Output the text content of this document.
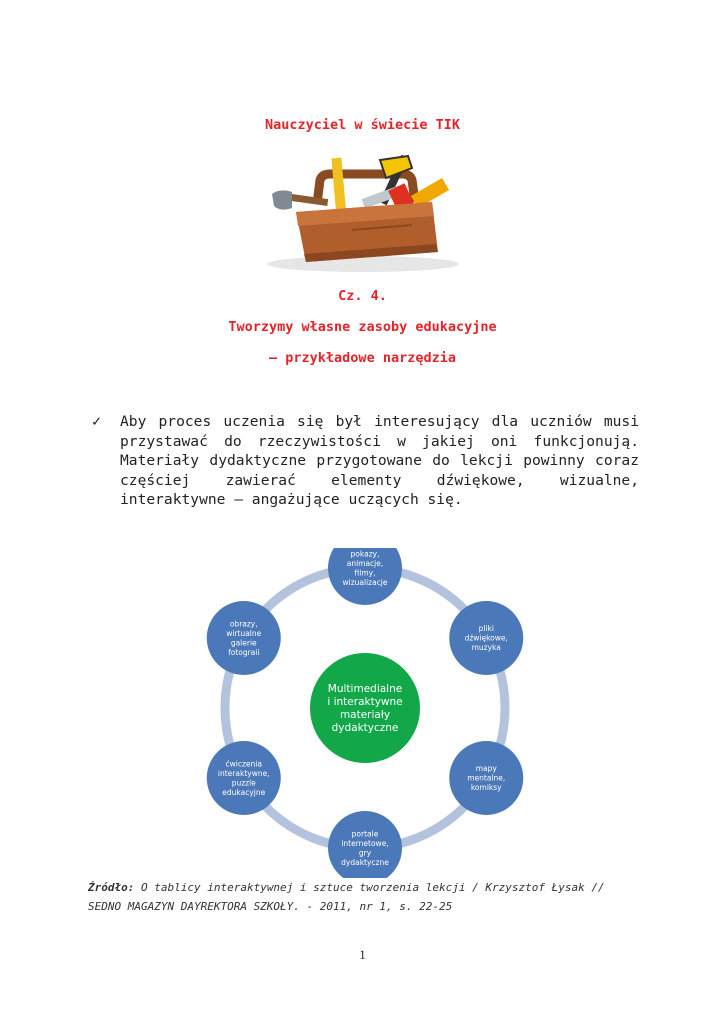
Nauczyciel w świecie TIK
Cz. 4.
Tworzymy własne zasoby edukacyjne
– przykładowe narzędzia
✓	Aby proces uczenia się był interesujący dla uczniów musi przystawać do rzeczywistości w jakiej oni funkcjonują. Materiały dydaktyczne przygotowane do lekcji powinny coraz częściej zawierać elementy dźwiękowe, wizualne, interaktywne – angażujące uczących się.
Multimedialne
i interaktywne
materiały
dydaktyczne
pokazy,
animacje,
filmy,
wizualizacje
pliki
dźwiękowe,
muzyka
mapy
mentalne,
komiksy
portale
internetowe,
gry
dydaktyczne
ćwiczenia
interaktywne,
puzzle
edukacyjne
obrazy,
wirtualne
galerie
fotograii
Źródło: O tablicy interaktywnej i sztuce tworzenia lekcji / Krzysztof Łysak //
SEDNO MAGAZYN DAYREKTORA SZKOŁY. - 2011, nr 1, s. 22-25
1
